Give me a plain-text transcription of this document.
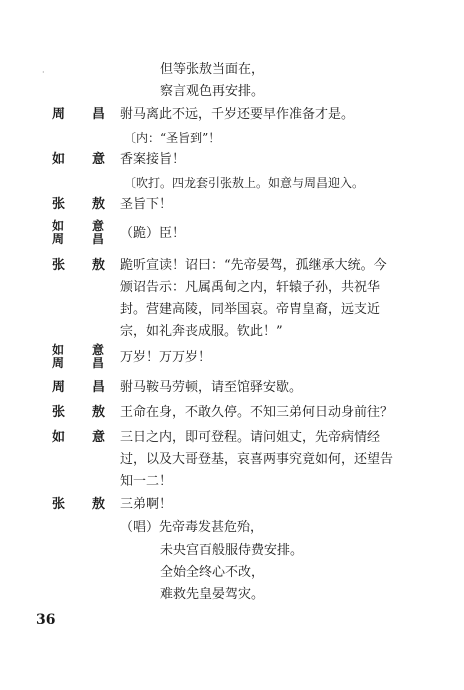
·	但等张敖当面在，
察言观色再安排。
周 昌 驸马离此不远，千岁还要早作准备才是。
〔内：“圣旨到”！
如 意 香案接旨！
〔吹打。四龙套引张敖上。如意与周昌迎入。
张 敖 圣旨下！
如 意
周 昌 （跪）臣！
张 敖 跪听宣读！诏曰：“先帝晏驾，孤继承大统。今
颁诏告示：凡属禹甸之内，轩辕子孙，共祝华
封。营建高陵，同举国哀。帝胄皇裔，远支近
宗，如礼奔丧成服。钦此！”
如 意
周 昌 万岁！万万岁！
周 昌 驸马鞍马劳顿，请至馆驿安歇。
张 敖 王命在身，不敢久停。不知三弟何日动身前往？
如 意 三日之内，即可登程。请问姐丈，先帝病情经
过，以及大哥登基，哀喜两事究竟如何，还望告
知一二！
张 敖 三弟啊！
（唱）先帝毒发甚危殆，
未央宫百般服侍费安排。
全始全终心不改，
难救先皇晏驾灾。
36
